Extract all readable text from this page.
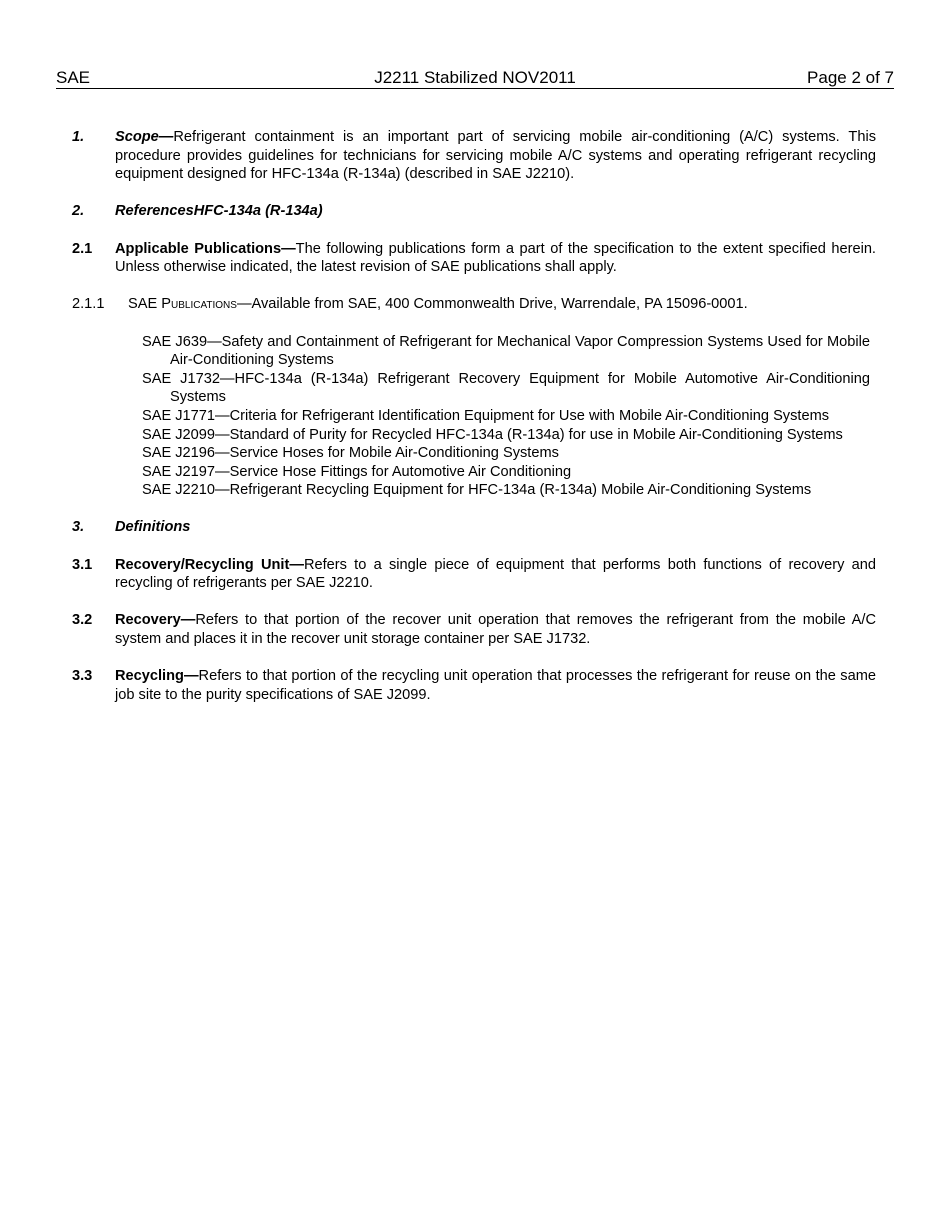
SAE	J2211 Stabilized NOV2011	Page 2 of 7
1. Scope—Refrigerant containment is an important part of servicing mobile air-conditioning (A/C) systems. This procedure provides guidelines for technicians for servicing mobile A/C systems and operating refrigerant recycling equipment designed for HFC-134a (R-134a) (described in SAE J2210).
2. ReferencesHFC-134a (R-134a)
2.1 Applicable Publications—The following publications form a part of the specification to the extent specified herein. Unless otherwise indicated, the latest revision of SAE publications shall apply.
2.1.1 SAE Publications—Available from SAE, 400 Commonwealth Drive, Warrendale, PA 15096-0001.
SAE J639—Safety and Containment of Refrigerant for Mechanical Vapor Compression Systems Used for Mobile Air-Conditioning Systems
SAE J1732—HFC-134a (R-134a) Refrigerant Recovery Equipment for Mobile Automotive Air-Conditioning Systems
SAE J1771—Criteria for Refrigerant Identification Equipment for Use with Mobile Air-Conditioning Systems
SAE J2099—Standard of Purity for Recycled HFC-134a (R-134a) for use in Mobile Air-Conditioning Systems
SAE J2196—Service Hoses for Mobile Air-Conditioning Systems
SAE J2197—Service Hose Fittings for Automotive Air Conditioning
SAE J2210—Refrigerant Recycling Equipment for HFC-134a (R-134a) Mobile Air-Conditioning Systems
3. Definitions
3.1 Recovery/Recycling Unit—Refers to a single piece of equipment that performs both functions of recovery and recycling of refrigerants per SAE J2210.
3.2 Recovery—Refers to that portion of the recover unit operation that removes the refrigerant from the mobile A/C system and places it in the recover unit storage container per SAE J1732.
3.3 Recycling—Refers to that portion of the recycling unit operation that processes the refrigerant for reuse on the same job site to the purity specifications of SAE J2099.
